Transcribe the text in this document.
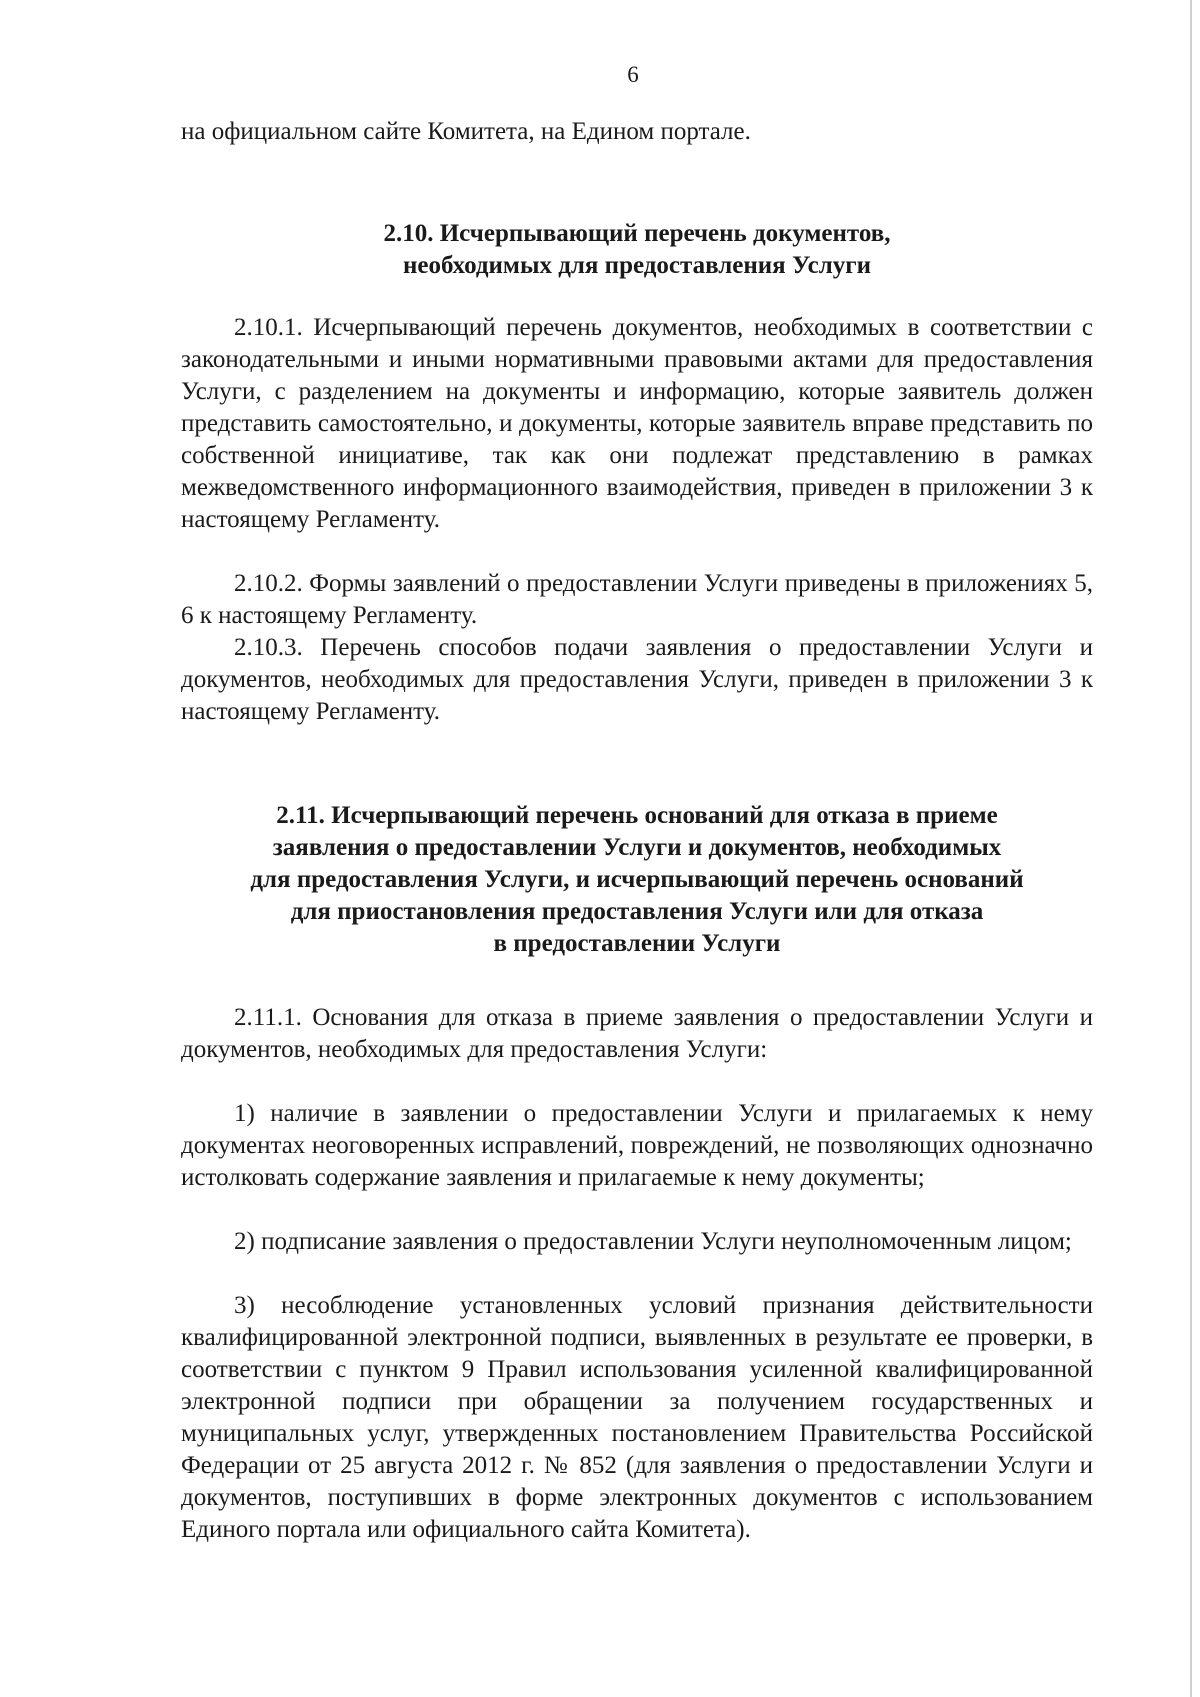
6

на официальном сайте Комитета, на Едином портале.

2.10. Исчерпывающий перечень документов,
необходимых для предоставления Услуги

2.10.1. Исчерпывающий перечень документов, необходимых в соответствии с законодательными и иными нормативными правовыми актами для предоставления Услуги, с разделением на документы и информацию, которые заявитель должен представить самостоятельно, и документы, которые заявитель вправе представить по собственной инициативе, так как они подлежат представлению в рамках межведомственного информационного взаимодействия, приведен в приложении 3 к настоящему Регламенту.

2.10.2. Формы заявлений о предоставлении Услуги приведены в приложениях 5, 6 к настоящему Регламенту.

2.10.3. Перечень способов подачи заявления о предоставлении Услуги и документов, необходимых для предоставления Услуги, приведен в приложении 3 к настоящему Регламенту.

2.11. Исчерпывающий перечень оснований для отказа в приеме
заявления о предоставлении Услуги и документов, необходимых
для предоставления Услуги, и исчерпывающий перечень оснований
для приостановления предоставления Услуги или для отказа
в предоставлении Услуги

2.11.1. Основания для отказа в приеме заявления о предоставлении Услуги и документов, необходимых для предоставления Услуги:

1) наличие в заявлении о предоставлении Услуги и прилагаемых к нему документах неоговоренных исправлений, повреждений, не позволяющих однозначно истолковать содержание заявления и прилагаемые к нему документы;

2) подписание заявления о предоставлении Услуги неуполномоченным лицом;

3) несоблюдение установленных условий признания действительности квалифицированной электронной подписи, выявленных в результате ее проверки, в соответствии с пунктом 9 Правил использования усиленной квалифицированной электронной подписи при обращении за получением государственных и муниципальных услуг, утвержденных постановлением Правительства Российской Федерации от 25 августа 2012 г. № 852 (для заявления о предоставлении Услуги и документов, поступивших в форме электронных документов с использованием Единого портала или официального сайта Комитета).
